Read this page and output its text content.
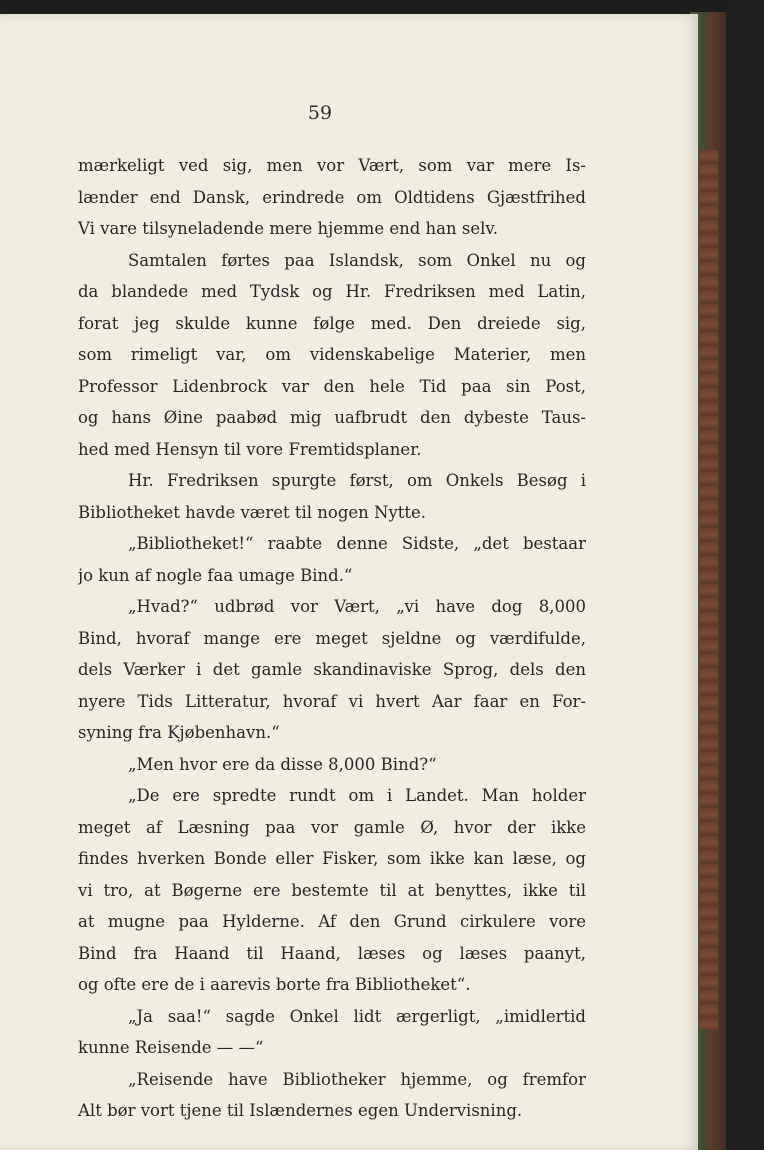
59
mærkeligt ved sig, men vor Vært, som var mere Is-
lænder end Dansk, erindrede om Oldtidens Gjæstfrihed
Vi vare tilsyneladende mere hjemme end han selv.
Samtalen førtes paa Islandsk, som Onkel nu og
da blandede med Tydsk og Hr. Fredriksen med Latin,
forat jeg skulde kunne følge med. Den dreiede sig,
som rimeligt var, om videnskabelige Materier, men
Professor Lidenbrock var den hele Tid paa sin Post,
og hans Øine paabød mig uafbrudt den dybeste Taus-
hed med Hensyn til vore Fremtidsplaner.
Hr. Fredriksen spurgte først, om Onkels Besøg i
Bibliotheket havde været til nogen Nytte.
„Bibliotheket!“ raabte denne Sidste, „det bestaar
jo kun af nogle faa umage Bind.“
„Hvad?“ udbrød vor Vært, „vi have dog 8,000
Bind, hvoraf mange ere meget sjeldne og værdifulde,
dels Værker i det gamle skandinaviske Sprog, dels den
nyere Tids Litteratur, hvoraf vi hvert Aar faar en For-
syning fra Kjøbenhavn.“
„Men hvor ere da disse 8,000 Bind?“
„De ere spredte rundt om i Landet. Man holder
meget af Læsning paa vor gamle Ø, hvor der ikke
findes hverken Bonde eller Fisker, som ikke kan læse, og
vi tro, at Bøgerne ere bestemte til at benyttes, ikke til
at mugne paa Hylderne. Af den Grund cirkulere vore
Bind fra Haand til Haand, læses og læses paanyt,
og ofte ere de i aarevis borte fra Bibliotheket“.
„Ja saa!“ sagde Onkel lidt ærgerligt, „imidlertid
kunne Reisende — —“
„Reisende have Bibliotheker hjemme, og fremfor
Alt bør vort tjene til Islændernes egen Undervisning.
